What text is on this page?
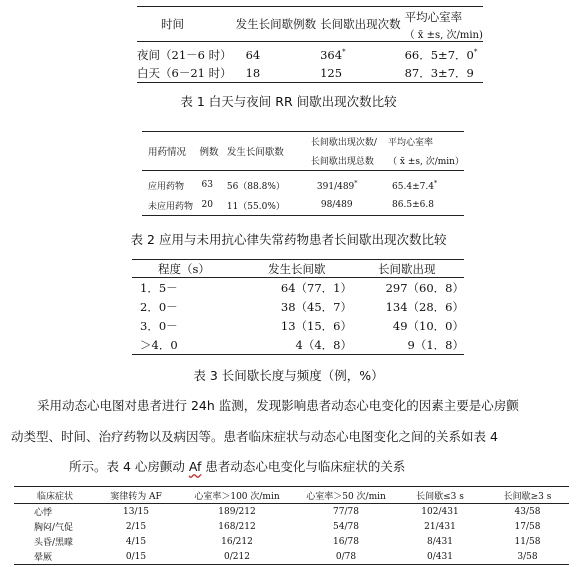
时间	发生长间歇例数	长间歇出现次数	平均心室率
			（ x̄ ±s, 次/min)
夜间（21－6 时）	64	364*	66．5±7．0*
白天（6－21 时）	18	125	87．3±7．9
表 1 白天与夜间 RR 间歇出现次数比较
用药情况	例数	发生长间歇数	长间歇出现次数/	平均心室率
			长间歇出现总数	（ x̄ ±s, 次/min）
应用药物	63	56（88.8%）	391/489*	65.4±7.4*
未应用药物	20	11（55.0%）	98/489	86.5±6.8
表 2 应用与未用抗心律失常药物患者长间歇出现次数比较
程度（s）	发生长间歇	长间歇出现
1．5－	64（77．1）	297（60．8）
2．0－	38（45．7）	134（28．6）
3．0－	13（15．6）	49（10．0）
＞4．0	4（4．8）	9（1．8）
表 3 长间歇长度与频度（例，%）
采用动态心电图对患者进行 24h 监测，发现影响患者动态心电变化的因素主要是心房颤
动类型、时间、治疗药物以及病因等。患者临床症状与动态心电图变化之间的关系如表 4
所示。表 4 心房颤动 Af 患者动态心电变化与临床症状的关系
临床症状	窦律转为 AF	心室率＞100 次/min	心室率＞50 次/min	长间歇≤3 s	长间歇≥3 s
心悸	13/15	189/212	77/78	102/431	43/58
胸闷/气促	2/15	168/212	54/78	21/431	17/58
头昏/黑曚	4/15	16/212	16/78	8/431	11/58
晕厥	0/15	0/212	0/78	0/431	3/58
